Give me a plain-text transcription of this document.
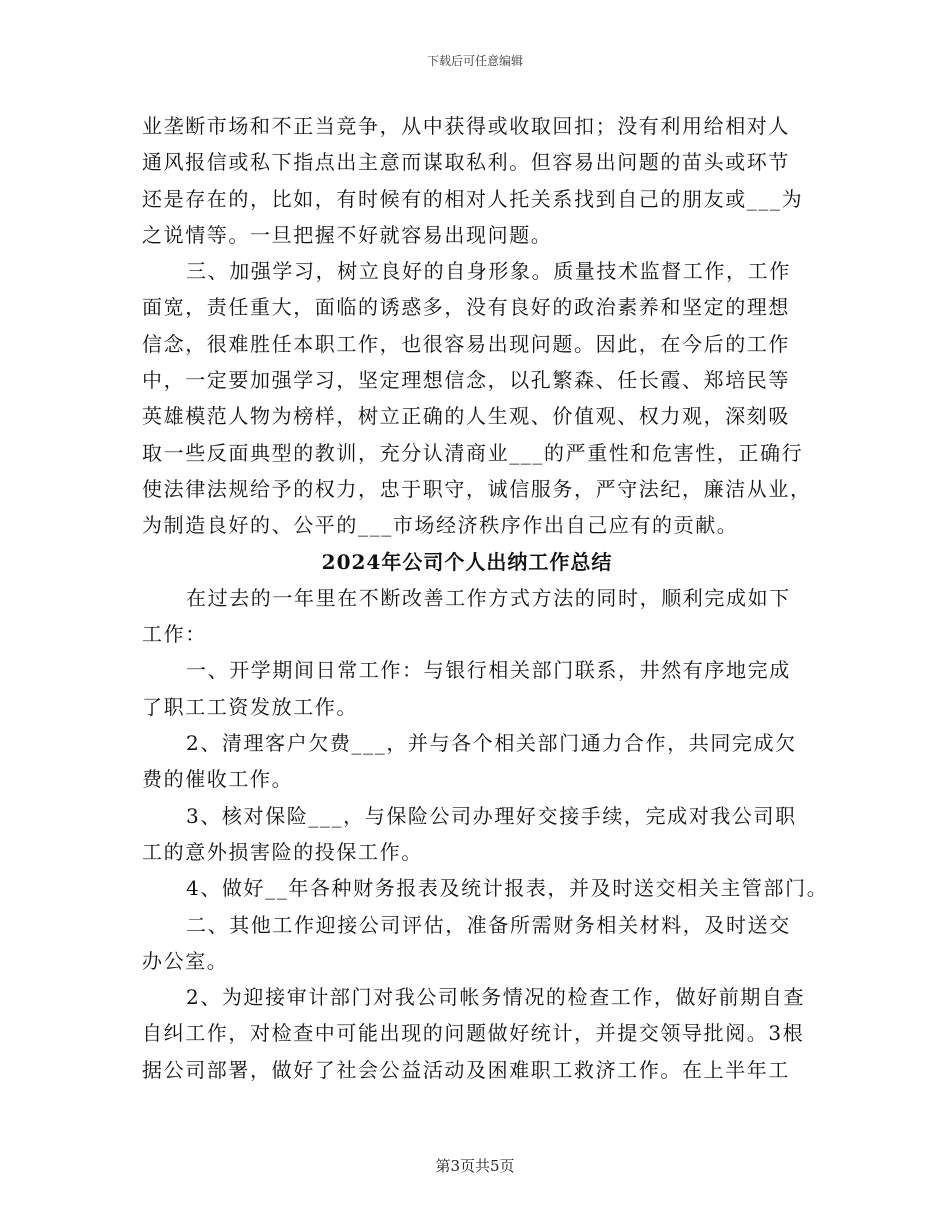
下载后可任意编辑
业垄断市场和不正当竞争，从中获得或收取回扣；没有利用给相对人
通风报信或私下指点出主意而谋取私利。但容易出问题的苗头或环节
还是存在的，比如，有时候有的相对人托关系找到自己的朋友或___为
之说情等。一旦把握不好就容易出现问题。
三、加强学习，树立良好的自身形象。质量技术监督工作，工作
面宽，责任重大，面临的诱惑多，没有良好的政治素养和坚定的理想
信念，很难胜任本职工作，也很容易出现问题。因此，在今后的工作
中，一定要加强学习，坚定理想信念，以孔繁森、任长霞、郑培民等
英雄模范人物为榜样，树立正确的人生观、价值观、权力观，深刻吸
取一些反面典型的教训，充分认清商业___的严重性和危害性，正确行
使法律法规给予的权力，忠于职守，诚信服务，严守法纪，廉洁从业，
为制造良好的、公平的___市场经济秩序作出自己应有的贡献。
2024年公司个人出纳工作总结
在过去的一年里在不断改善工作方式方法的同时，顺利完成如下
工作：
一、开学期间日常工作：与银行相关部门联系，井然有序地完成
了职工工资发放工作。
2、清理客户欠费___，并与各个相关部门通力合作，共同完成欠
费的催收工作。
3、核对保险___，与保险公司办理好交接手续，完成对我公司职
工的意外损害险的投保工作。
4、做好__年各种财务报表及统计报表，并及时送交相关主管部门。
二、其他工作迎接公司评估，准备所需财务相关材料，及时送交
办公室。
2、为迎接审计部门对我公司帐务情况的检查工作，做好前期自查
自纠工作，对检查中可能出现的问题做好统计，并提交领导批阅。3根
据公司部署，做好了社会公益活动及困难职工救济工作。在上半年工
第3页共5页
